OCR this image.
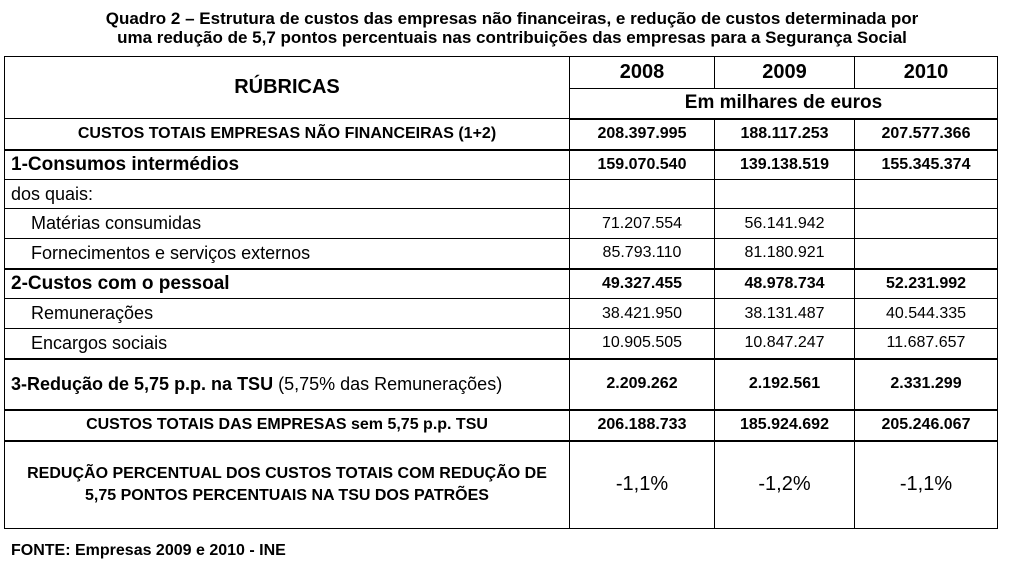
Quadro 2 – Estrutura de custos das empresas não financeiras, e redução de custos determinada por
uma redução de 5,7 pontos percentuais nas contribuições das empresas para a Segurança Social
RÚBRICAS	2008	2009	2010
	Em milhares de euros		
CUSTOS TOTAIS EMPRESAS NÃO FINANCEIRAS (1+2)	208.397.995	188.117.253	207.577.366
1-Consumos intermédios	159.070.540	139.138.519	155.345.374
dos quais:			
Matérias consumidas	71.207.554	56.141.942	
Fornecimentos e serviços externos	85.793.110	81.180.921	
2-Custos com o pessoal	49.327.455	48.978.734	52.231.992
Remunerações	38.421.950	38.131.487	40.544.335
Encargos sociais	10.905.505	10.847.247	11.687.657
3-Redução de 5,75 p.p. na TSU (5,75% das Remunerações)	2.209.262	2.192.561	2.331.299
CUSTOS TOTAIS DAS EMPRESAS sem 5,75 p.p. TSU	206.188.733	185.924.692	205.246.067
REDUÇÃO PERCENTUAL DOS CUSTOS TOTAIS COM REDUÇÃO DE 5,75 PONTOS PERCENTUAIS NA TSU DOS PATRÕES	-1,1%	-1,2%	-1,1%
FONTE: Empresas 2009 e 2010 - INE
